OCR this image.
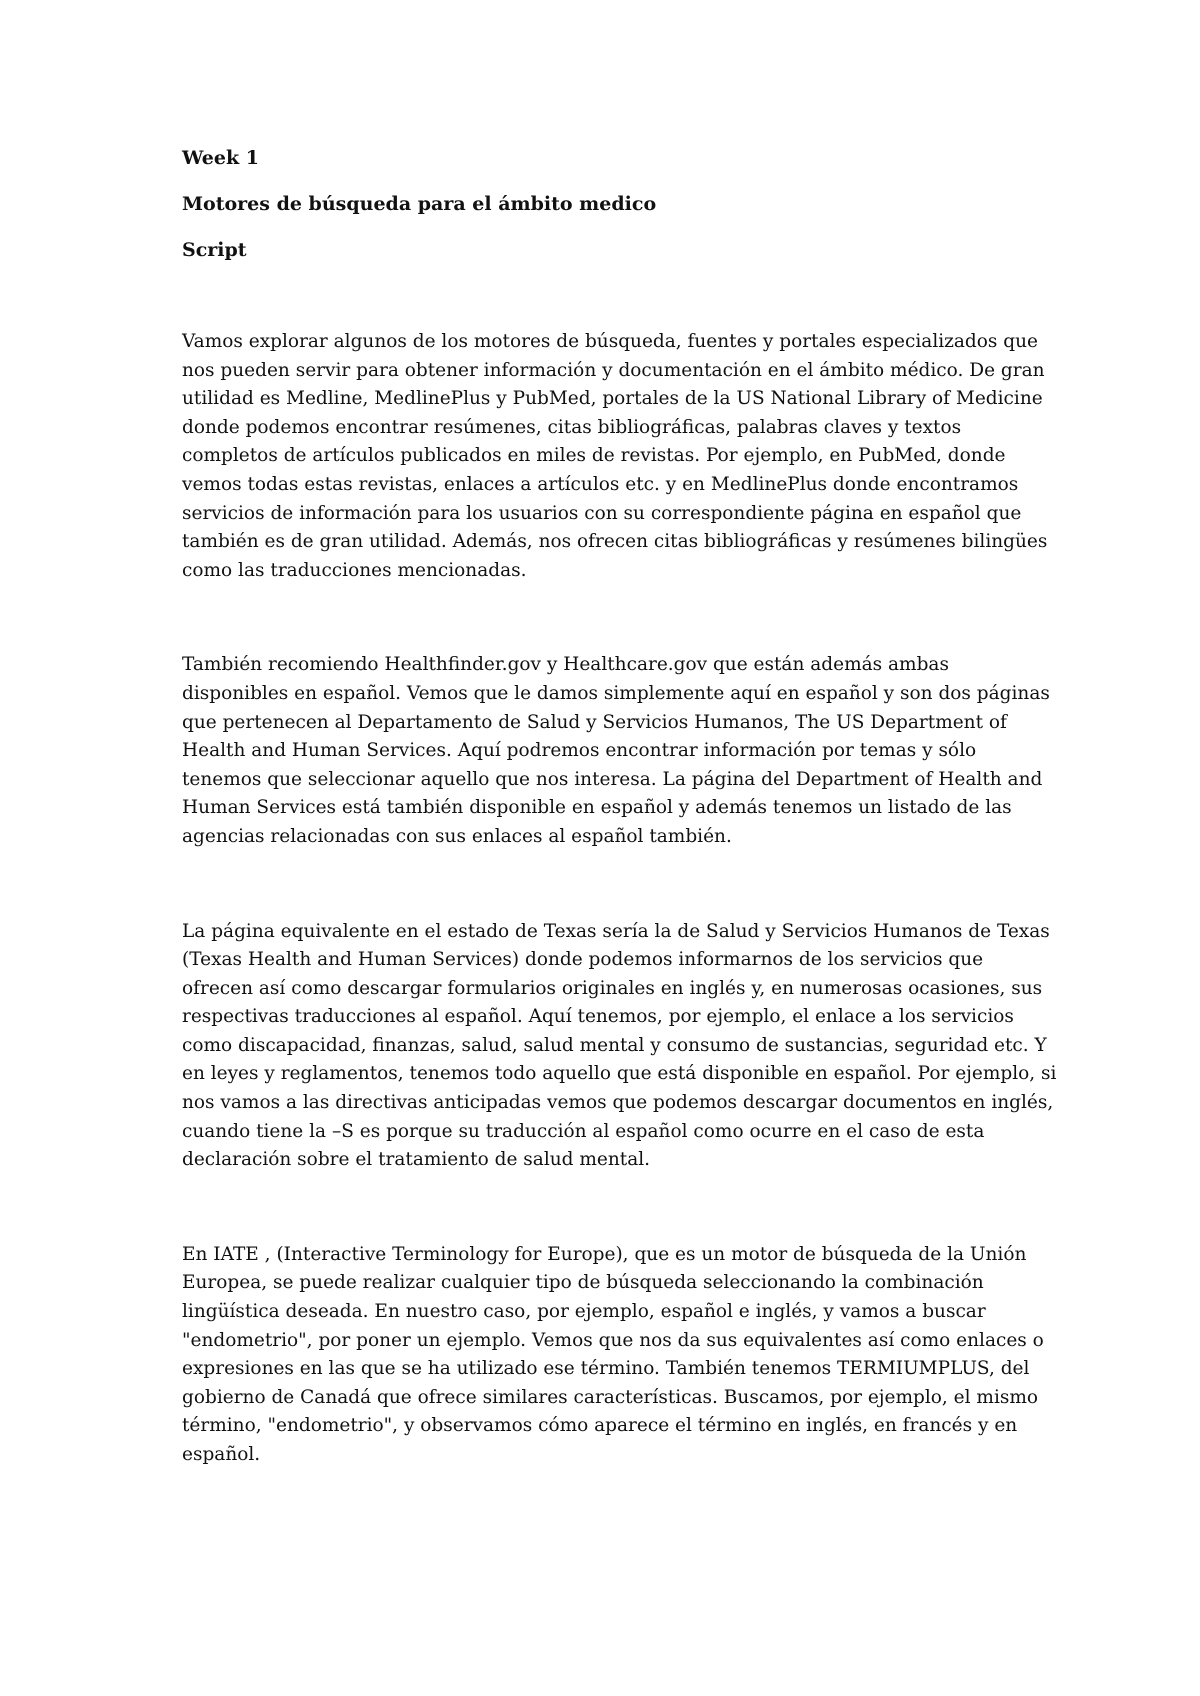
Week 1
Motores de búsqueda para el ámbito medico
Script

Vamos explorar algunos de los motores de búsqueda, fuentes y portales especializados que
nos pueden servir para obtener información y documentación en el ámbito médico. De gran
utilidad es Medline, MedlinePlus y PubMed, portales de la US National Library of Medicine
donde podemos encontrar resúmenes, citas bibliográficas, palabras claves y textos
completos de artículos publicados en miles de revistas. Por ejemplo, en PubMed, donde
vemos todas estas revistas, enlaces a artículos etc. y en MedlinePlus donde encontramos
servicios de información para los usuarios con su correspondiente página en español que
también es de gran utilidad. Además, nos ofrecen citas bibliográficas y resúmenes bilingües
como las traducciones mencionadas.

También recomiendo Healthfinder.gov y Healthcare.gov que están además ambas
disponibles en español. Vemos que le damos simplemente aquí en español y son dos páginas
que pertenecen al Departamento de Salud y Servicios Humanos, The US Department of
Health and Human Services. Aquí podremos encontrar información por temas y sólo
tenemos que seleccionar aquello que nos interesa. La página del Department of Health and
Human Services está también disponible en español y además tenemos un listado de las
agencias relacionadas con sus enlaces al español también.

La página equivalente en el estado de Texas sería la de Salud y Servicios Humanos de Texas
(Texas Health and Human Services) donde podemos informarnos de los servicios que
ofrecen así como descargar formularios originales en inglés y, en numerosas ocasiones, sus
respectivas traducciones al español. Aquí tenemos, por ejemplo, el enlace a los servicios
como discapacidad, finanzas, salud, salud mental y consumo de sustancias, seguridad etc. Y
en leyes y reglamentos, tenemos todo aquello que está disponible en español. Por ejemplo, si
nos vamos a las directivas anticipadas vemos que podemos descargar documentos en inglés,
cuando tiene la –S es porque su traducción al español como ocurre en el caso de esta
declaración sobre el tratamiento de salud mental.

En IATE , (Interactive Terminology for Europe), que es un motor de búsqueda de la Unión
Europea, se puede realizar cualquier tipo de búsqueda seleccionando la combinación
lingüística deseada. En nuestro caso, por ejemplo, español e inglés, y vamos a buscar
"endometrio", por poner un ejemplo. Vemos que nos da sus equivalentes así como enlaces o
expresiones en las que se ha utilizado ese término. También tenemos TERMIUMPLUS, del
gobierno de Canadá que ofrece similares características. Buscamos, por ejemplo, el mismo
término, "endometrio", y observamos cómo aparece el término en inglés, en francés y en
español.
